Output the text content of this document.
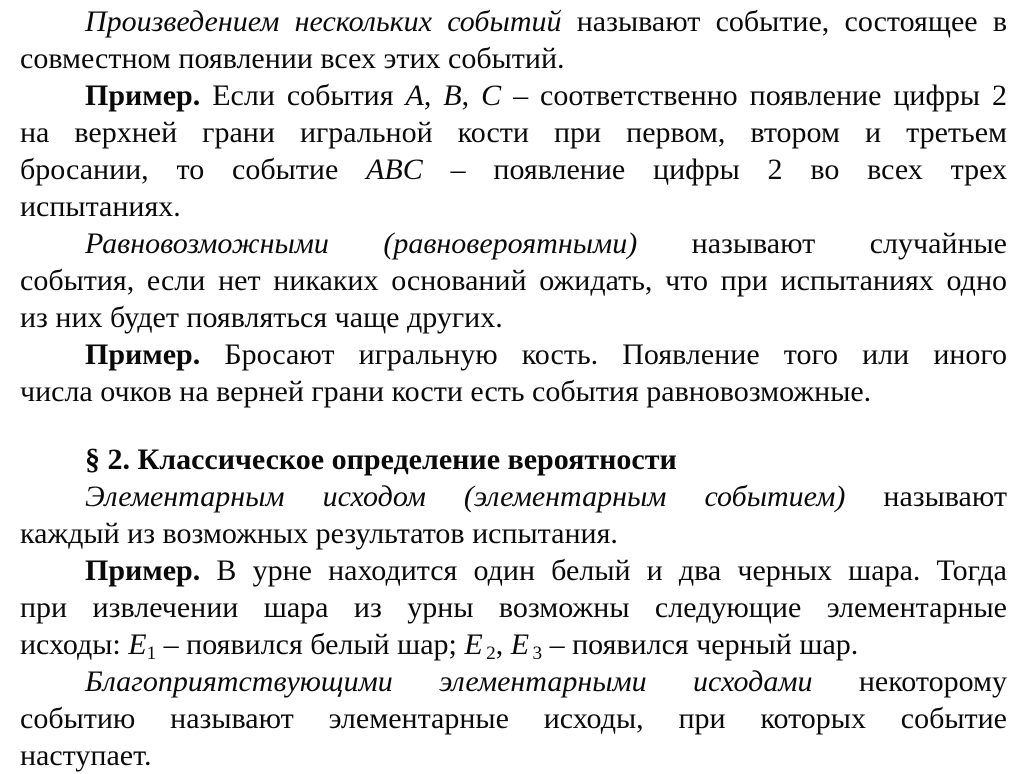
Произведением нескольких событий называют событие, состоящее в
совместном появлении всех этих событий.
Пример. Если события A, B, C – соответственно появление цифры 2
на верхней грани игральной кости при первом, втором и третьем
бросании, то событие ABC – появление цифры 2 во всех трех
испытаниях.
Равновозможными (равновероятными) называют случайные
события, если нет никаких оснований ожидать, что при испытаниях одно
из них будет появляться чаще других.
Пример. Бросают игральную кость. Появление того или иного
числа очков на верней грани кости есть события равновозможные.
§ 2. Классическое определение вероятности
Элементарным исходом (элементарным событием) называют
каждый из возможных результатов испытания.
Пример. В урне находится один белый и два черных шара. Тогда
при извлечении шара из урны возможны следующие элементарные
исходы: $E_1$ – появился белый шар; E $_2$, E $_3$ – появился черный шар.
Благоприятствующими элементарными исходами некоторому
событию называют элементарные исходы, при которых событие
наступает.
